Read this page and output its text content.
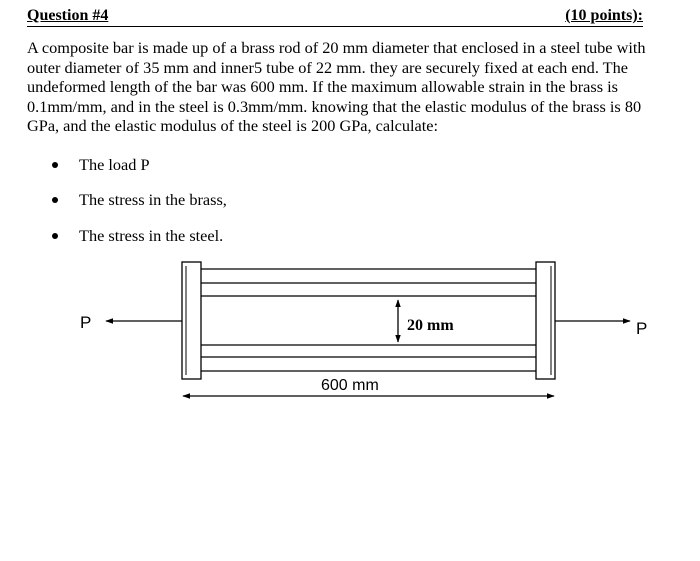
Question #4	(10 points):

A composite bar is made up of a brass rod of 20 mm diameter that enclosed in a steel tube with outer diameter of 35 mm and inner5 tube of 22 mm. they are securely fixed at each end. The undeformed length of the bar was 600 mm. If the maximum allowable strain in the brass is 0.1mm/mm, and in the steel is 0.3mm/mm. knowing that the elastic modulus of the brass is 80 GPa, and the elastic modulus of the steel is 200 GPa, calculate:

The load P
The stress in the brass,
The stress in the steel.
20 mm
P	P
600 mm
